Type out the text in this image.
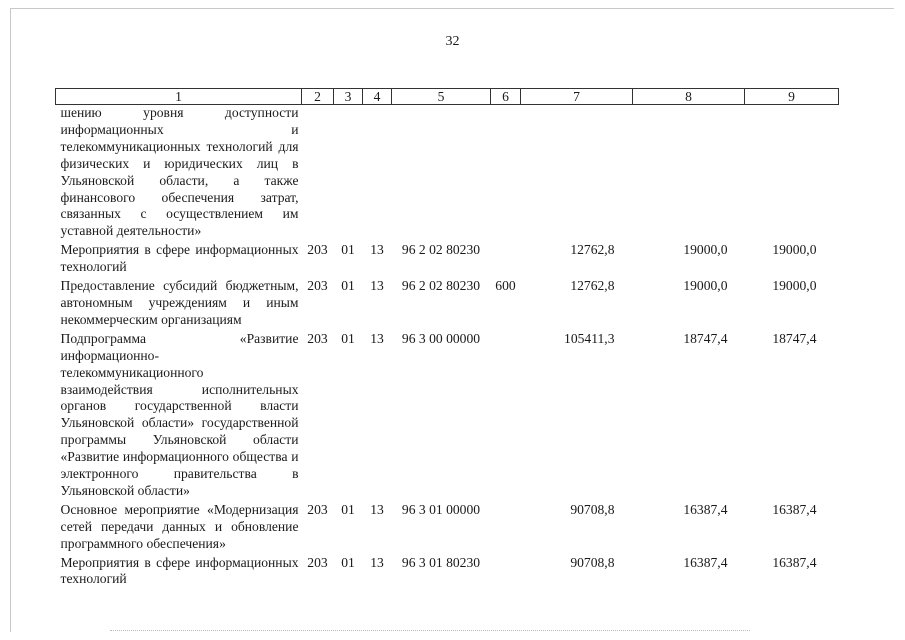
32
1	2	3	4	5	6	7	8	9
шению уровня доступности информационных и телекоммуникационных технологий для физических и юридических лиц в Ульяновской области, а также финансового обеспечения затрат, связанных с осуществлением им уставной деятельности»								
Мероприятия в сфере информационных технологий	203	01	13	96 2 02 80230		12762,8	19000,0	19000,0
Предоставление субсидий бюджетным, автономным учреждениям и иным некоммерческим организациям	203	01	13	96 2 02 80230	600	12762,8	19000,0	19000,0
Подпрограмма «Развитие информационно-телекоммуникационного взаимодействия исполнительных органов государственной власти Ульяновской области» государственной программы Ульяновской области «Развитие информационного общества и электронного правительства в Ульяновской области»	203	01	13	96 3 00 00000		105411,3	18747,4	18747,4
Основное мероприятие «Модернизация сетей передачи данных и обновление программного обеспечения»	203	01	13	96 3 01 00000		90708,8	16387,4	16387,4
Мероприятия в сфере информационных технологий	203	01	13	96 3 01 80230		90708,8	16387,4	16387,4
